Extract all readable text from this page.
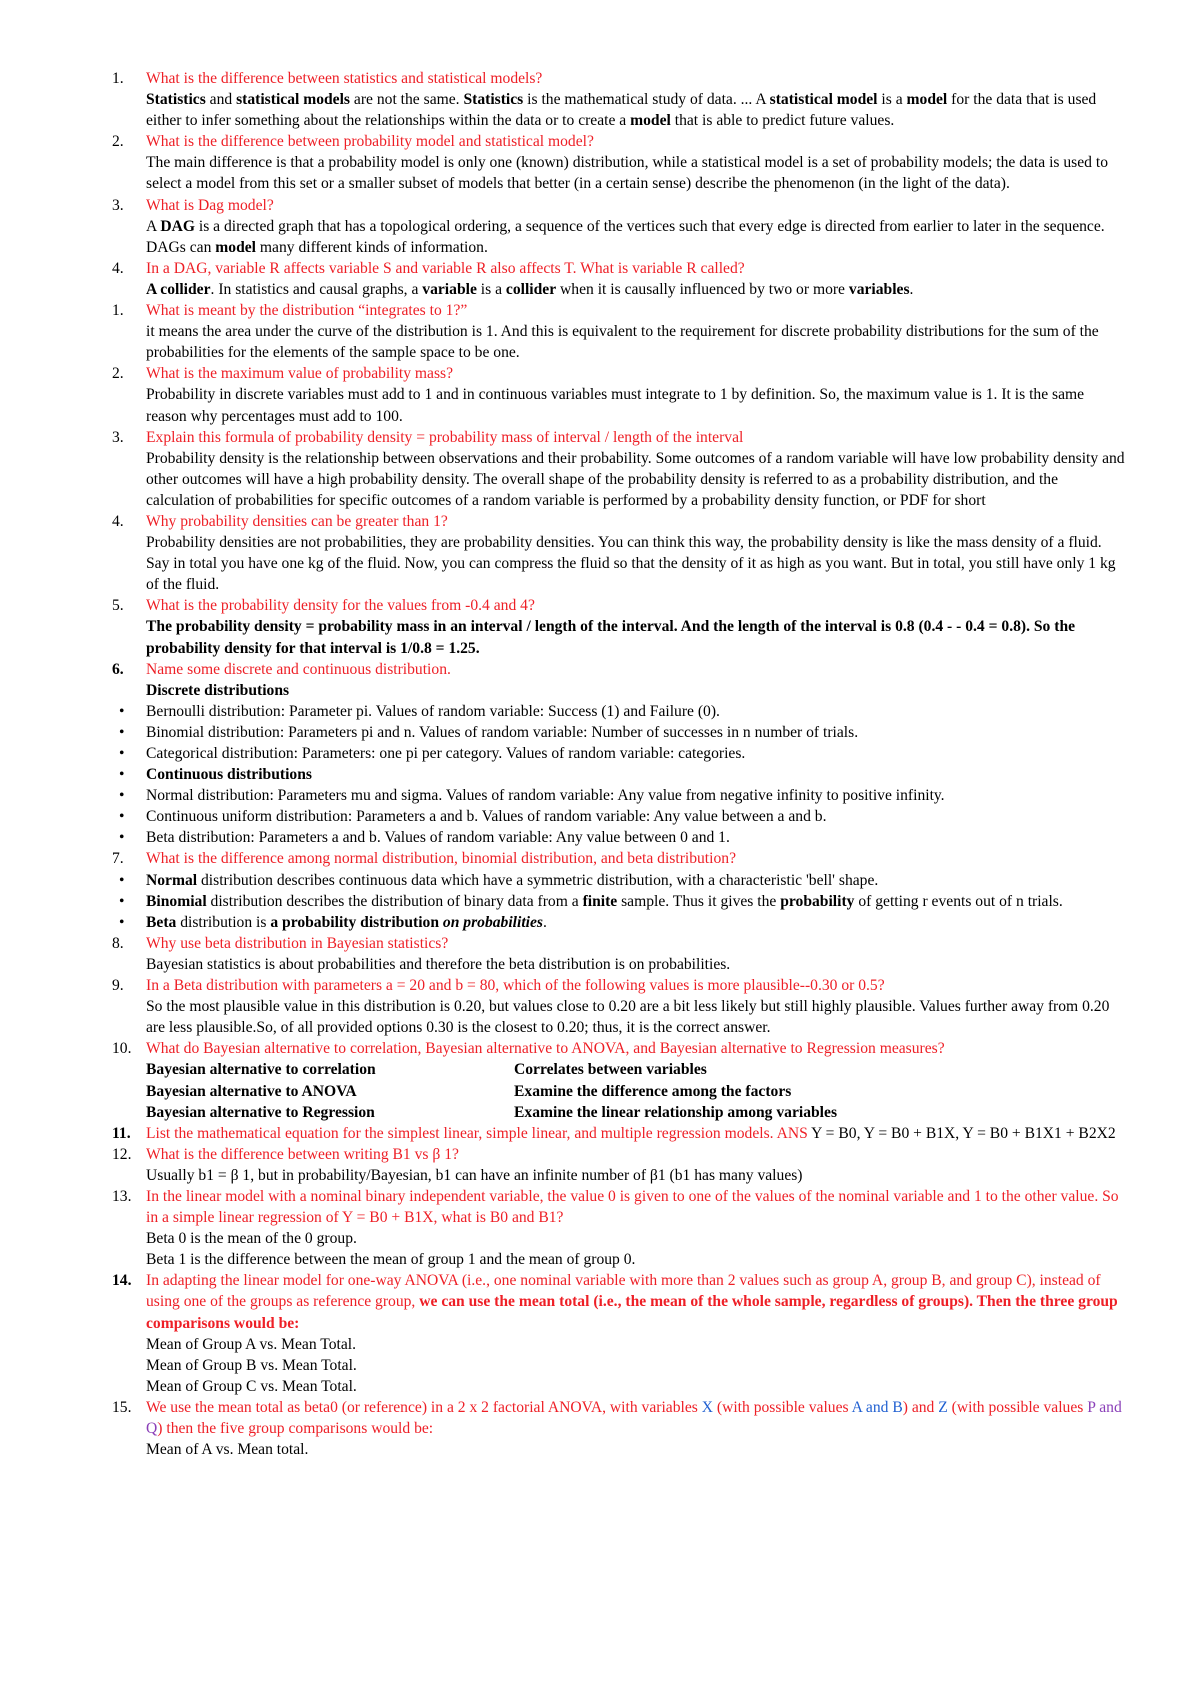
1.	What is the difference between statistics and statistical models?
Statistics and statistical models are not the same. Statistics is the mathematical study of data. ... A statistical model is a model for the data that is used either to infer something about the relationships within the data or to create a model that is able to predict future values.
2.	What is the difference between probability model and statistical model?
The main difference is that a probability model is only one (known) distribution, while a statistical model is a set of probability models; the data is used to select a model from this set or a smaller subset of models that better (in a certain sense) describe the phenomenon (in the light of the data).
3.	What is Dag model?
A DAG is a directed graph that has a topological ordering, a sequence of the vertices such that every edge is directed from earlier to later in the sequence. DAGs can model many different kinds of information.
4.	In a DAG, variable R affects variable S and variable R also affects T. What is variable R called?
A collider. In statistics and causal graphs, a variable is a collider when it is causally influenced by two or more variables.
1.	What is meant by the distribution “integrates to 1?”
it means the area under the curve of the distribution is 1. And this is equivalent to the requirement for discrete probability distributions for the sum of the probabilities for the elements of the sample space to be one.
2.	What is the maximum value of probability mass?
Probability in discrete variables must add to 1 and in continuous variables must integrate to 1 by definition. So, the maximum value is 1. It is the same reason why percentages must add to 100.
3.	Explain this formula of probability density = probability mass of interval / length of the interval
Probability density is the relationship between observations and their probability. Some outcomes of a random variable will have low probability density and other outcomes will have a high probability density. The overall shape of the probability density is referred to as a probability distribution, and the calculation of probabilities for specific outcomes of a random variable is performed by a probability density function, or PDF for short
4.	Why probability densities can be greater than 1?
Probability densities are not probabilities, they are probability densities. You can think this way, the probability density is like the mass density of a fluid. Say in total you have one kg of the fluid. Now, you can compress the fluid so that the density of it as high as you want. But in total, you still have only 1 kg of the fluid.
5.	What is the probability density for the values from -0.4 and 4?
The probability density = probability mass in an interval / length of the interval. And the length of the interval is 0.8 (0.4 - - 0.4 = 0.8). So the probability density for that interval is 1/0.8 = 1.25.
6.	Name some discrete and continuous distribution.
Discrete distributions
•	Bernoulli distribution: Parameter pi. Values of random variable: Success (1) and Failure (0).
•	Binomial distribution: Parameters pi and n. Values of random variable: Number of successes in n number of trials.
•	Categorical distribution: Parameters: one pi per category. Values of random variable: categories.
•	Continuous distributions
•	Normal distribution: Parameters mu and sigma. Values of random variable: Any value from negative infinity to positive infinity.
•	Continuous uniform distribution: Parameters a and b. Values of random variable: Any value between a and b.
•	Beta distribution: Parameters a and b. Values of random variable: Any value between 0 and 1.
7.	What is the difference among normal distribution, binomial distribution, and beta distribution?
•	Normal distribution describes continuous data which have a symmetric distribution, with a characteristic 'bell' shape.
•	Binomial distribution describes the distribution of binary data from a finite sample. Thus it gives the probability of getting r events out of n trials.
•	Beta distribution is a probability distribution on probabilities.
8.	Why use beta distribution in Bayesian statistics?
Bayesian statistics is about probabilities and therefore the beta distribution is on probabilities.
9.	In a Beta distribution with parameters a = 20 and b = 80, which of the following values is more plausible--0.30 or 0.5?
So the most plausible value in this distribution is 0.20, but values close to 0.20 are a bit less likely but still highly plausible. Values further away from 0.20 are less plausible.So, of all provided options 0.30 is the closest to 0.20; thus, it is the correct answer.
10. What do Bayesian alternative to correlation, Bayesian alternative to ANOVA, and Bayesian alternative to Regression measures?
Bayesian alternative to correlation	Correlates between variables
Bayesian alternative to ANOVA	Examine the difference among the factors
Bayesian alternative to Regression	Examine the linear relationship among variables
11. List the mathematical equation for the simplest linear, simple linear, and multiple regression models. ANS Y = B0, Y = B0 + B1X, Y = B0 + B1X1 + B2X2
12. What is the difference between writing B1 vs β 1?
Usually b1 = β 1, but in probability/Bayesian, b1 can have an infinite number of β1 (b1 has many values)
13. In the linear model with a nominal binary independent variable, the value 0 is given to one of the values of the nominal variable and 1 to the other value. So in a simple linear regression of Y = B0 + B1X, what is B0 and B1?
Beta 0 is the mean of the 0 group.
Beta 1 is the difference between the mean of group 1 and the mean of group 0.
14. In adapting the linear model for one-way ANOVA (i.e., one nominal variable with more than 2 values such as group A, group B, and group C), instead of using one of the groups as reference group, we can use the mean total (i.e., the mean of the whole sample, regardless of groups). Then the three group comparisons would be:
Mean of Group A vs. Mean Total.
Mean of Group B vs. Mean Total.
Mean of Group C vs. Mean Total.
15. We use the mean total as beta0 (or reference) in a 2 x 2 factorial ANOVA, with variables X (with possible values A and B) and Z (with possible values P and Q) then the five group comparisons would be:
Mean of A vs. Mean total.
